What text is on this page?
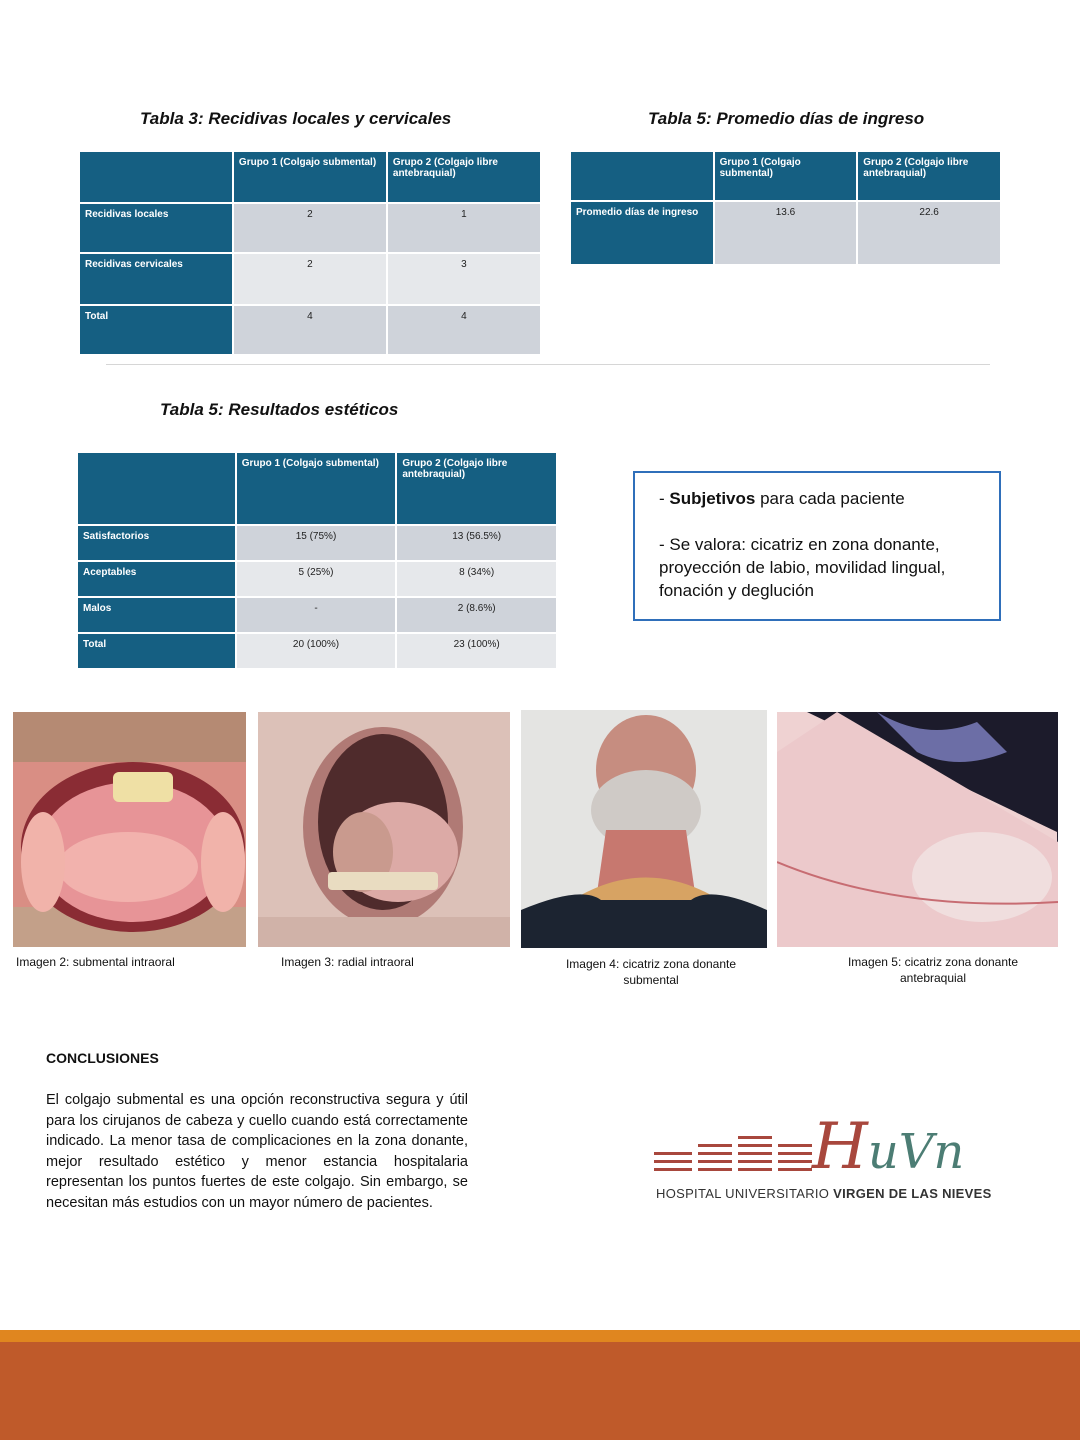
Tabla 3: Recidivas locales y cervicales
	Grupo 1 (Colgajo submental)	Grupo 2 (Colgajo libre antebraquial)
Recidivas locales	2	1
Recidivas cervicales	2	3
Total	4	4
Tabla 5: Promedio días de ingreso
	Grupo 1 (Colgajo submental)	Grupo 2 (Colgajo libre antebraquial)
Promedio días de ingreso	13.6	22.6
Tabla 5: Resultados estéticos
	Grupo 1 (Colgajo submental)	Grupo 2 (Colgajo libre antebraquial)
Satisfactorios	15 (75%)	13 (56.5%)
Aceptables	5 (25%)	8 (34%)
Malos	-	2 (8.6%)
Total	20 (100%)	23 (100%)

- Subjetivos para cada paciente

- Se valora: cicatriz en zona donante, proyección de labio, movilidad lingual, fonación y deglución

Imagen 2: submental intraoral	Imagen 3: radial intraoral	Imagen 4: cicatriz zona donante submental
Imagen 5: cicatriz zona donante antebraquial
CONCLUSIONES
El colgajo submental es una opción reconstructiva segura y útil para los cirujanos de cabeza y cuello cuando está correctamente indicado. La menor tasa de complicaciones en la zona donante, mejor resultado estético y menor estancia hospitalaria representan los puntos fuertes de este colgajo. Sin embargo, se necesitan más estudios con un mayor número de pacientes.
HuVn
HOSPITAL UNIVERSITARIO VIRGEN DE LAS NIEVES
